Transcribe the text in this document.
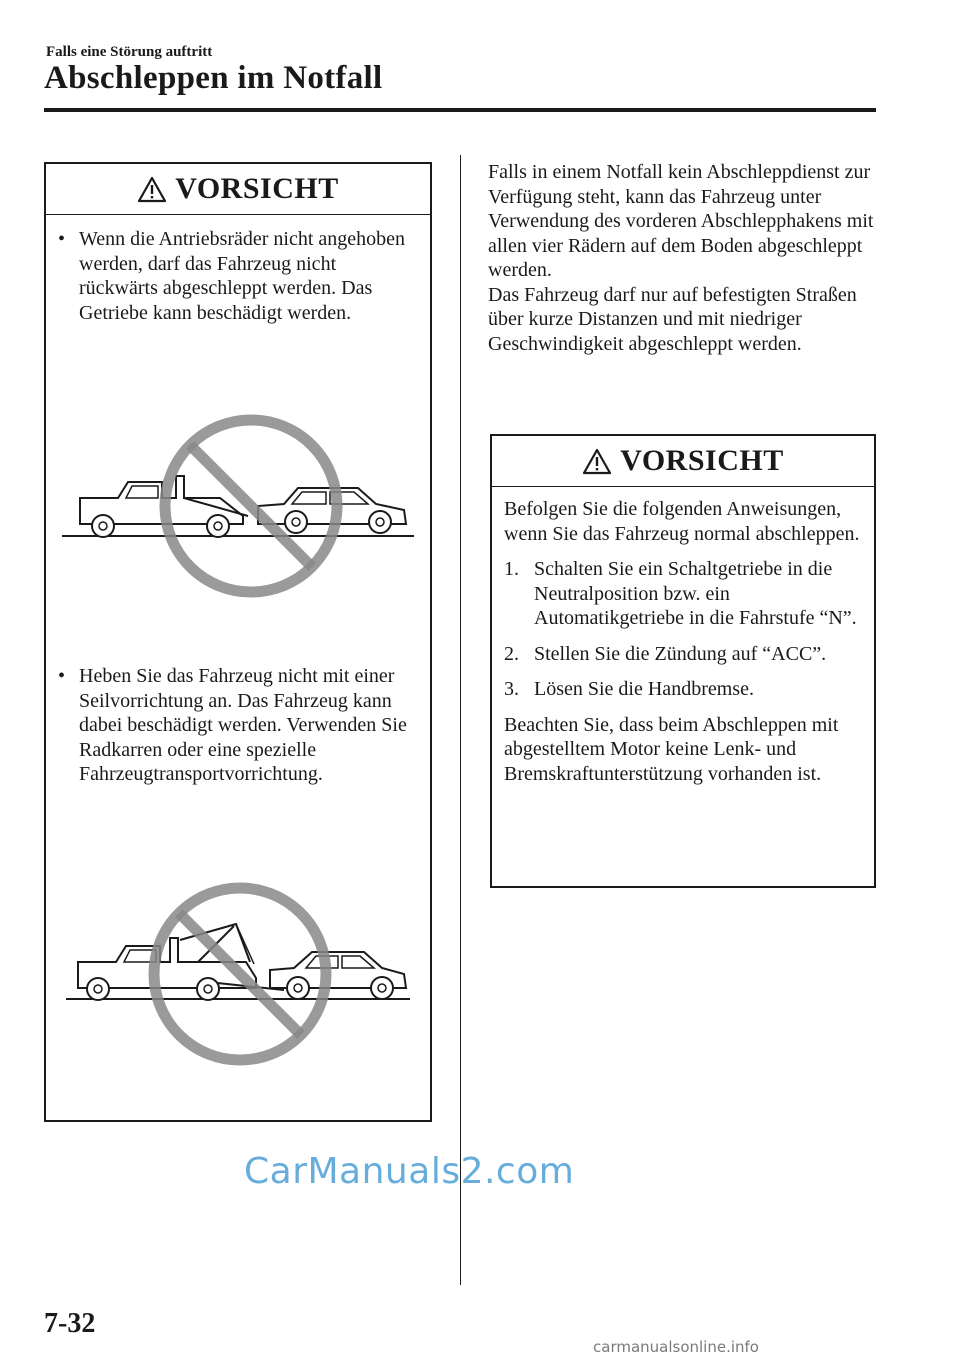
Falls eine Störung auftritt
Abschleppen im Notfall
VORSICHT
• Wenn die Antriebsräder nicht angehoben werden, darf das Fahrzeug nicht rückwärts abgeschleppt werden. Das Getriebe kann beschädigt werden.
• Heben Sie das Fahrzeug nicht mit einer Seilvorrichtung an. Das Fahrzeug kann dabei beschädigt werden. Verwenden Sie Radkarren oder eine spezielle Fahrzeugtransportvorrichtung.

Falls in einem Notfall kein Abschleppdienst zur Verfügung steht, kann das Fahrzeug unter Verwendung des vorderen Abschlepphakens mit allen vier Rädern auf dem Boden abgeschleppt werden.

Das Fahrzeug darf nur auf befestigten Straßen über kurze Distanzen und mit niedriger Geschwindigkeit abgeschleppt werden.

VORSICHT

Befolgen Sie die folgenden Anweisungen, wenn Sie das Fahrzeug normal abschleppen.

1. Schalten Sie ein Schaltgetriebe in die Neutralposition bzw. ein Automatikgetriebe in die Fahrstufe “N”.
2. Stellen Sie die Zündung auf “ACC”.
3. Lösen Sie die Handbremse.

Beachten Sie, dass beim Abschleppen mit abgestelltem Motor keine Lenk- und Bremskraftunterstützung vorhanden ist.

CarManuals2.com
7-32
carmanualsonline.info
